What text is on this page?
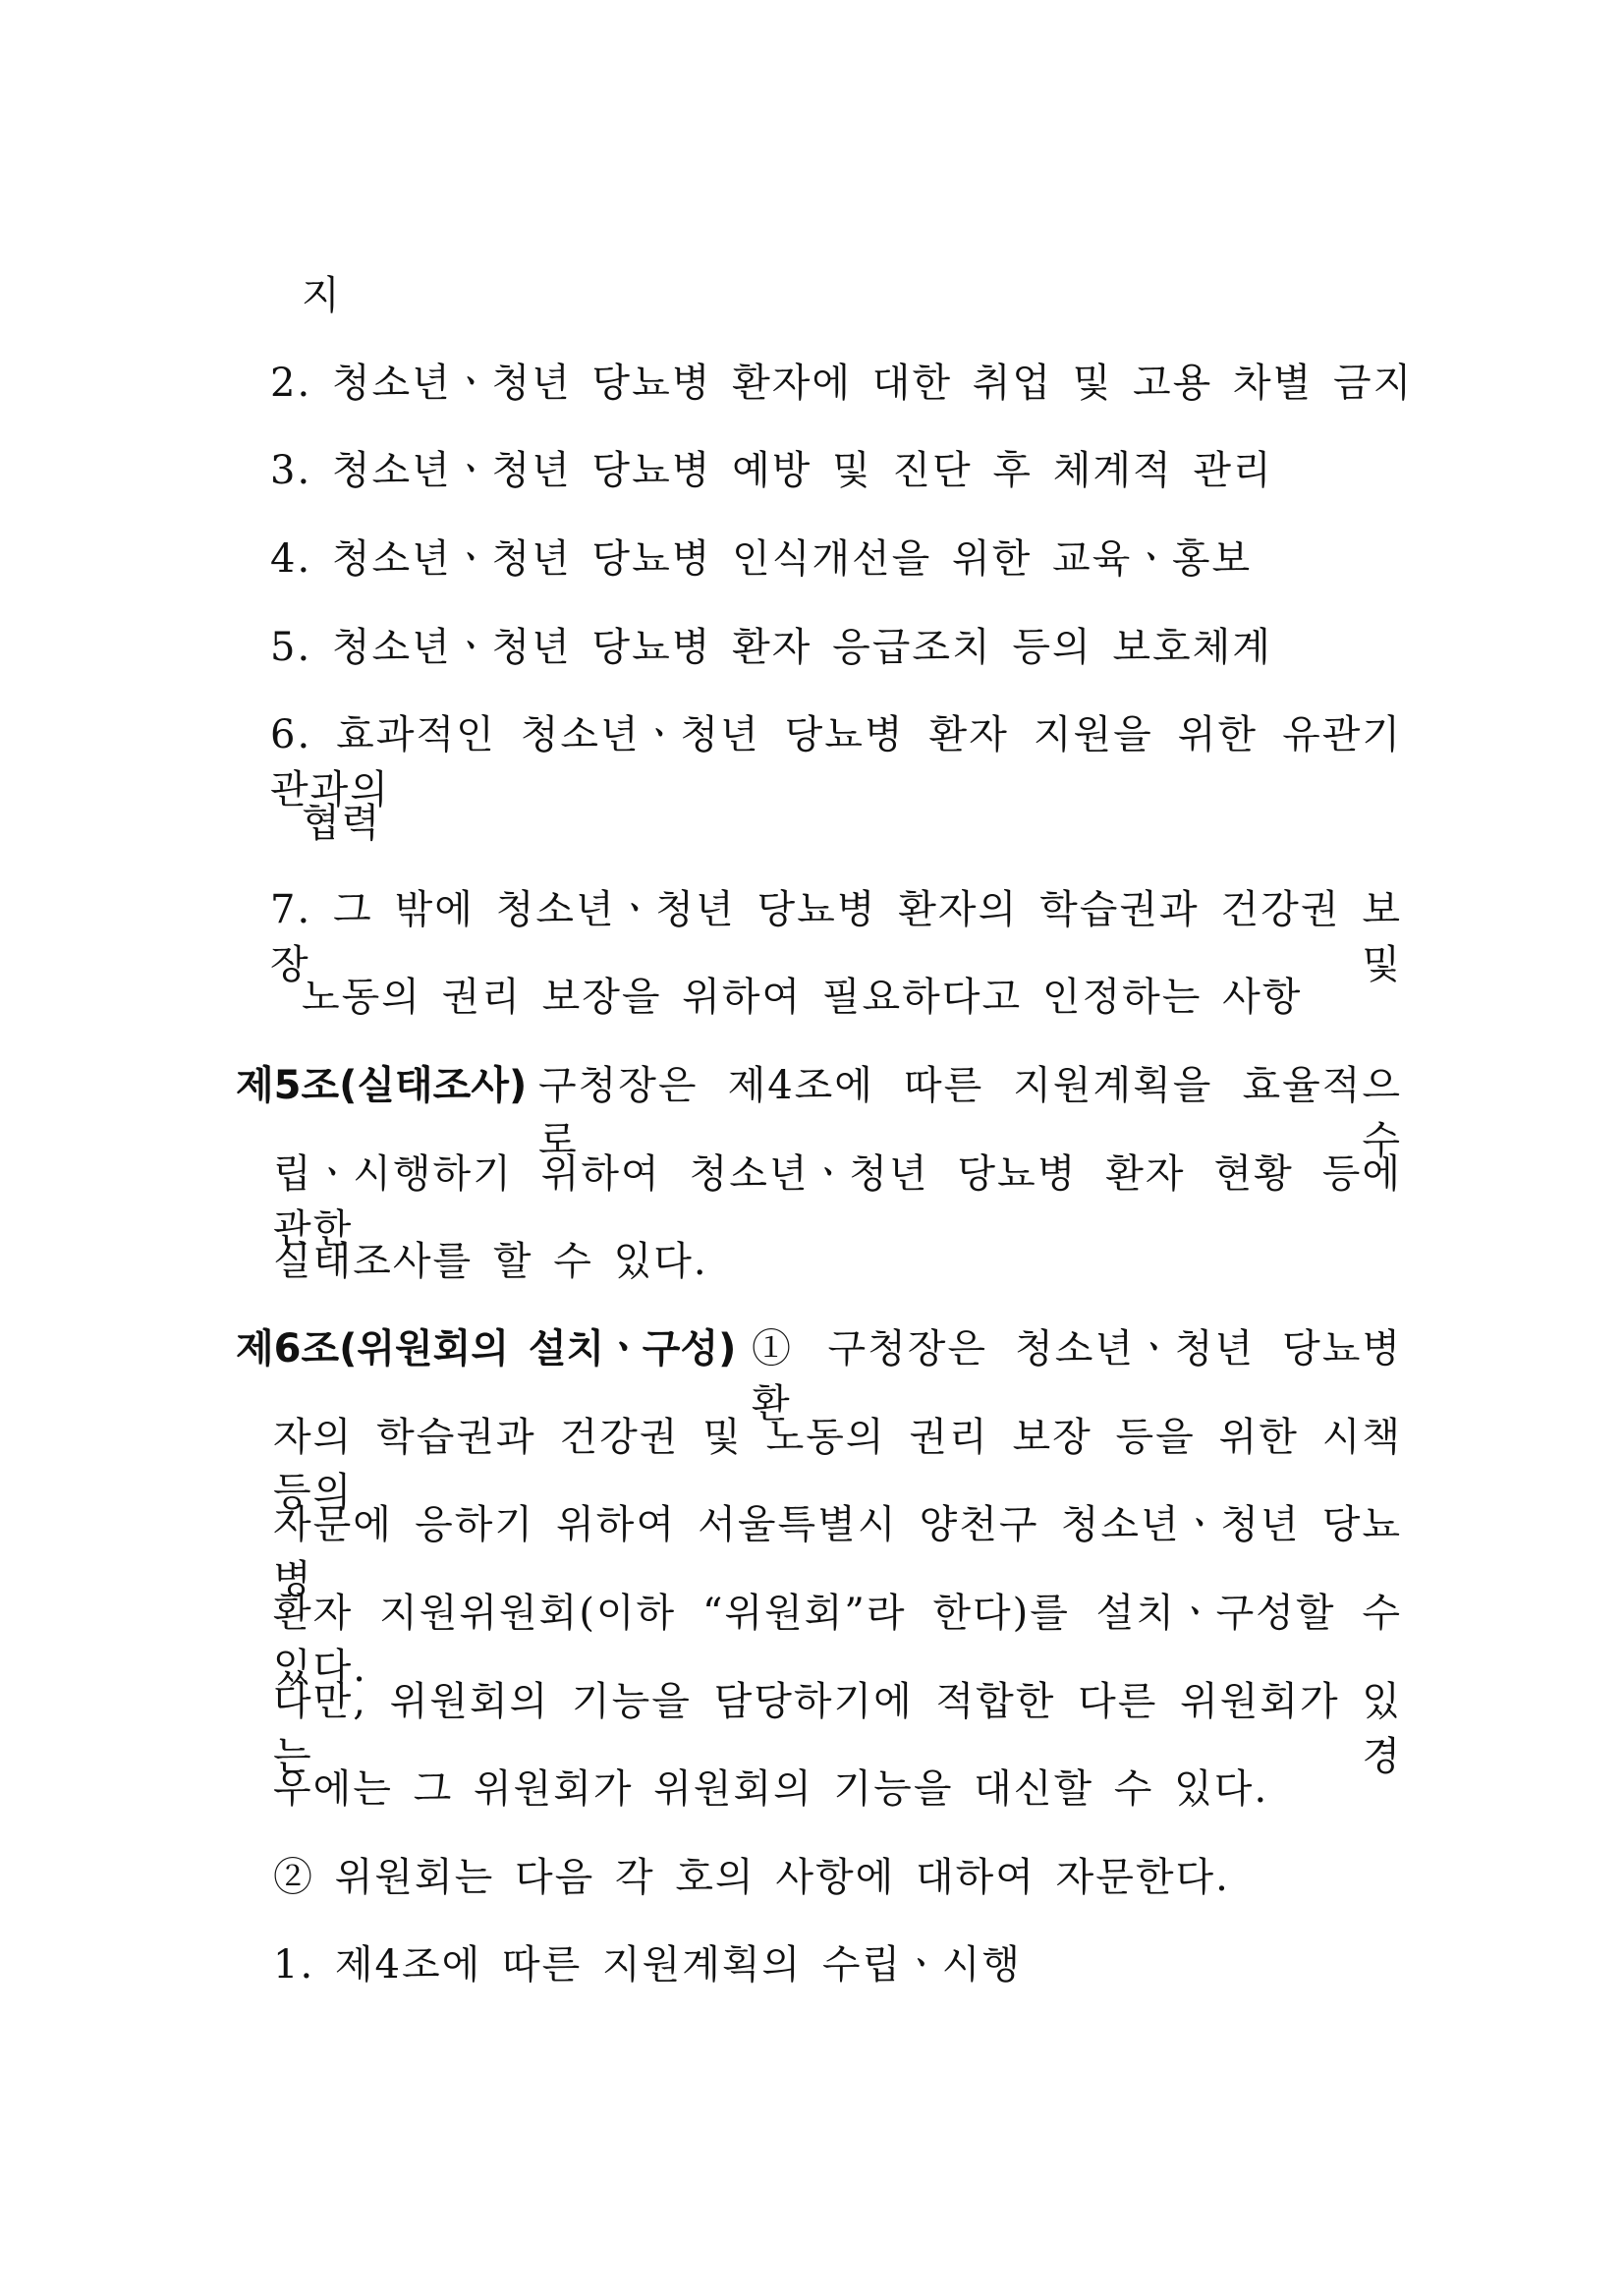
지
2. 청소년ㆍ청년 당뇨병 환자에 대한 취업 및 고용 차별 금지
3. 청소년ㆍ청년 당뇨병 예방 및 진단 후 체계적 관리
4. 청소년ㆍ청년 당뇨병 인식개선을 위한 교육ㆍ홍보
5. 청소년ㆍ청년 당뇨병 환자 응급조치 등의 보호체계
6. 효과적인 청소년ㆍ청년 당뇨병 환자 지원을 위한 유관기관과의
협력
7. 그 밖에 청소년ㆍ청년 당뇨병 환자의 학습권과 건강권 보장 및
노동의 권리 보장을 위하여 필요하다고 인정하는 사항
제5조(실태조사) 구청장은 제4조에 따른 지원계획을 효율적으로 수
립ㆍ시행하기 위하여 청소년ㆍ청년 당뇨병 환자 현황 등에 관한
실태조사를 할 수 있다.
제6조(위원회의 설치ㆍ구성) ① 구청장은 청소년ㆍ청년 당뇨병 환
자의 학습권과 건강권 및 노동의 권리 보장 등을 위한 시책 등의
자문에 응하기 위하여 서울특별시 양천구 청소년ㆍ청년 당뇨병
환자 지원위원회(이하 “위원회”라 한다)를 설치ㆍ구성할 수 있다.
다만, 위원회의 기능을 담당하기에 적합한 다른 위원회가 있는 경
우에는 그 위원회가 위원회의 기능을 대신할 수 있다.
② 위원회는 다음 각 호의 사항에 대하여 자문한다.
1. 제4조에 따른 지원계획의 수립ㆍ시행
